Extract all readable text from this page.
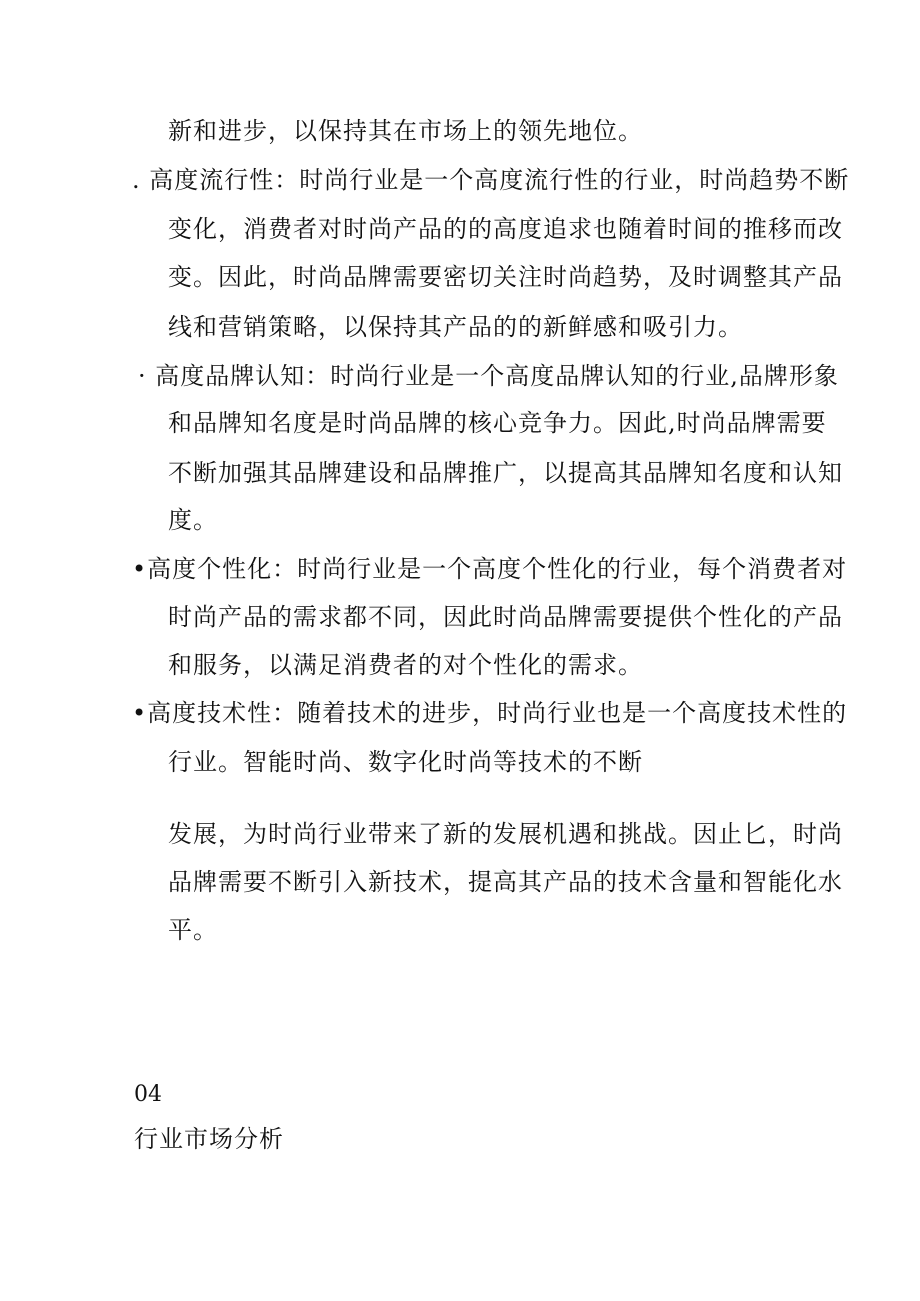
新和进步，以保持其在市场上的领先地位。
. 高度流行性：时尚行业是一个高度流行性的行业，时尚趋势不断
变化，消费者对时尚产品的的高度追求也随着时间的推移而改
变。因此，时尚品牌需要密切关注时尚趋势，及时调整其产品
线和营销策略，以保持其产品的的新鲜感和吸引力。
· 高度品牌认知：时尚行业是一个高度品牌认知的行业,品牌形象
和品牌知名度是时尚品牌的核心竞争力。因此,时尚品牌需要
不断加强其品牌建设和品牌推广，以提高其品牌知名度和认知
度。
•高度个性化：时尚行业是一个高度个性化的行业，每个消费者对
时尚产品的需求都不同，因此时尚品牌需要提供个性化的产品
和服务，以满足消费者的对个性化的需求。
•高度技术性：随着技术的进步，时尚行业也是一个高度技术性的
行业。智能时尚、数字化时尚等技术的不断
发展，为时尚行业带来了新的发展机遇和挑战。因止匕，时尚
品牌需要不断引入新技术，提高其产品的技术含量和智能化水
平。
04
行业市场分析
